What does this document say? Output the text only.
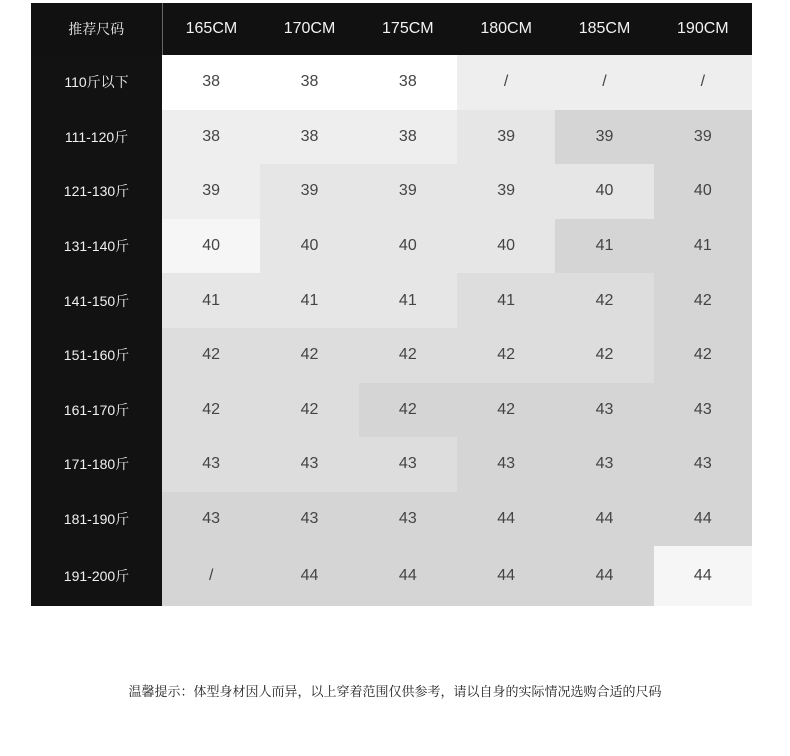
推荐尺码	165CM	170CM	175CM	180CM	185CM	190CM
110斤以下	38	38	38	/	/	/
111-120斤	38	38	38	39	39	39
121-130斤	39	39	39	39	40	40
131-140斤	40	40	40	40	41	41
141-150斤	41	41	41	41	42	42
151-160斤	42	42	42	42	42	42
161-170斤	42	42	42	42	43	43
171-180斤	43	43	43	43	43	43
181-190斤	43	43	43	44	44	44
191-200斤	/	44	44	44	44	44
温馨提示：体型身材因人而异，以上穿着范围仅供参考，请以自身的实际情况选购合适的尺码
